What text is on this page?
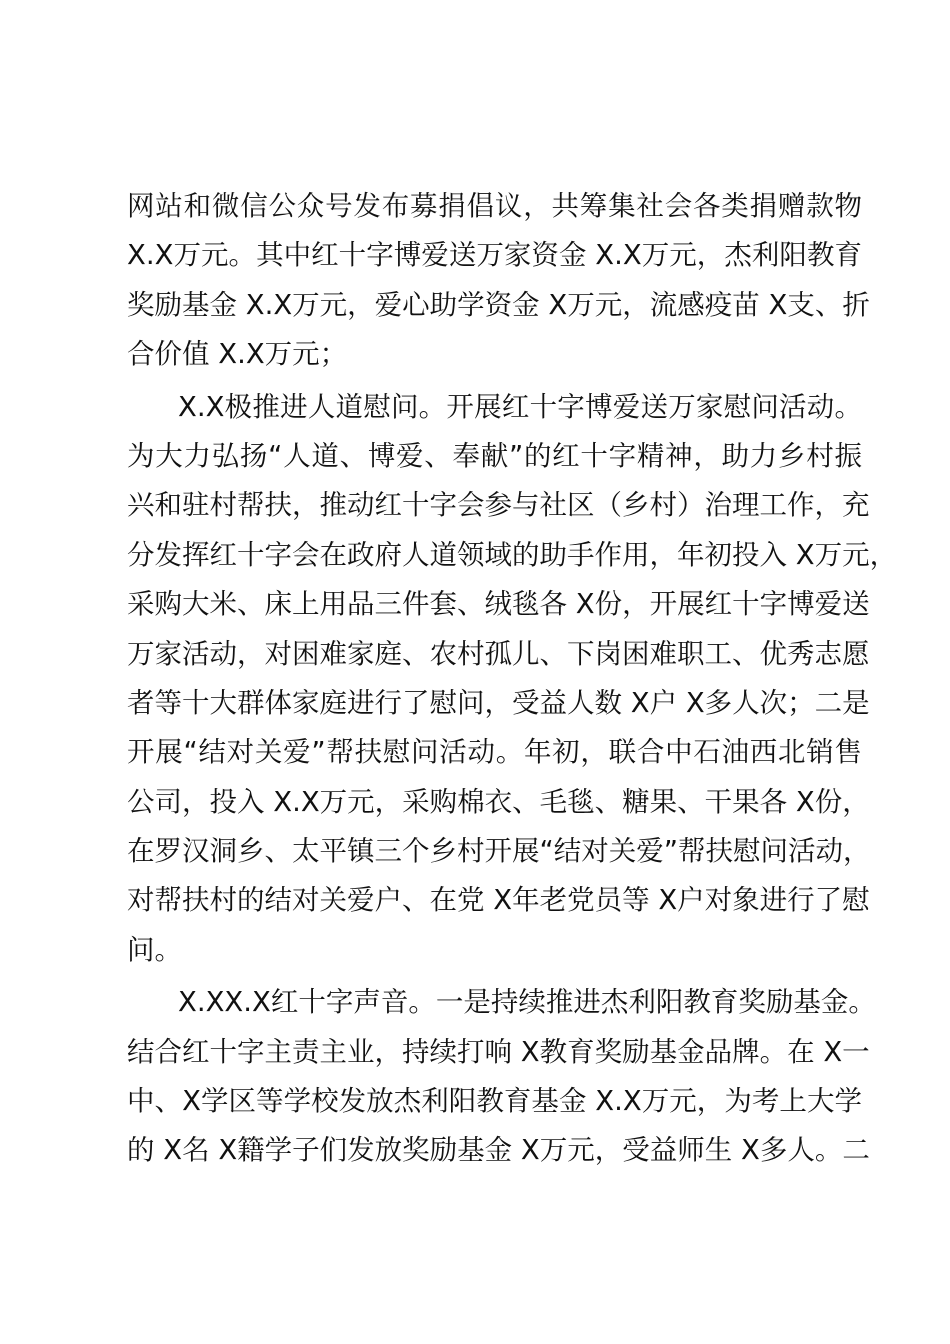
网站和微信公众号发布募捐倡议，共筹集社会各类捐赠款物
X.X万元。其中红十字博爱送万家资金 X.X万元，杰利阳教育
奖励基金 X.X万元，爱心助学资金 X万元，流感疫苗 X支、折
合价值 X.X万元；
X.X极推进人道慰问。开展红十字博爱送万家慰问活动。
为大力弘扬“人道、博爱、奉献”的红十字精神，助力乡村振
兴和驻村帮扶，推动红十字会参与社区（乡村）治理工作，充
分发挥红十字会在政府人道领域的助手作用，年初投入 X万元，
采购大米、床上用品三件套、绒毯各 X份，开展红十字博爱送
万家活动，对困难家庭、农村孤儿、下岗困难职工、优秀志愿
者等十大群体家庭进行了慰问，受益人数 X户 X多人次；二是
开展“结对关爱”帮扶慰问活动。年初，联合中石油西北销售
公司，投入 X.X万元，采购棉衣、毛毯、糖果、干果各 X份，
在罗汉洞乡、太平镇三个乡村开展“结对关爱”帮扶慰问活动，
对帮扶村的结对关爱户、在党 X年老党员等 X户对象进行了慰
问。
X.XX.X红十字声音。一是持续推进杰利阳教育奖励基金。
结合红十字主责主业，持续打响 X教育奖励基金品牌。在 X一
中、X学区等学校发放杰利阳教育基金 X.X万元，为考上大学
的 X名 X籍学子们发放奖励基金 X万元，受益师生 X多人。二
